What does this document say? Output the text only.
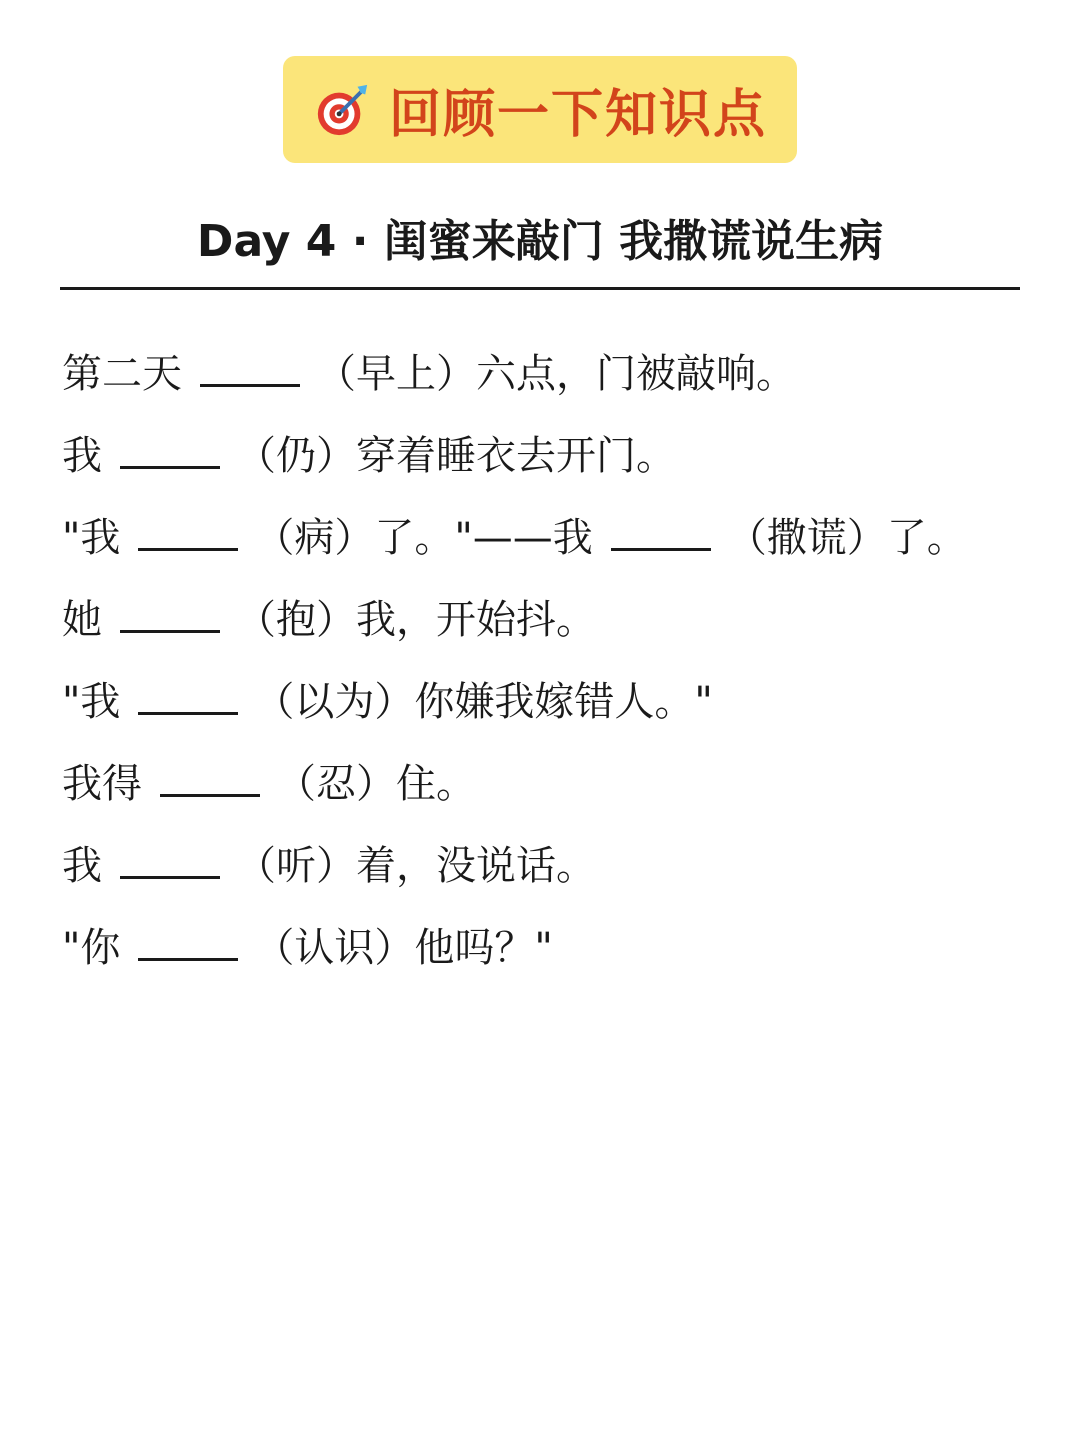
回顾一下知识点
Day 4 · 闺蜜来敲门 我撒谎说生病
第二天	（早上）六点，门被敲响。
我	（仍）穿着睡衣去开门。
"我	（病）了。"——我	（撒谎）了。
她	（抱）我，开始抖。
"我	（以为）你嫌我嫁错人。"
我得	（忍）住。
我	（听）着，没说话。
"你	（认识）他吗？"
